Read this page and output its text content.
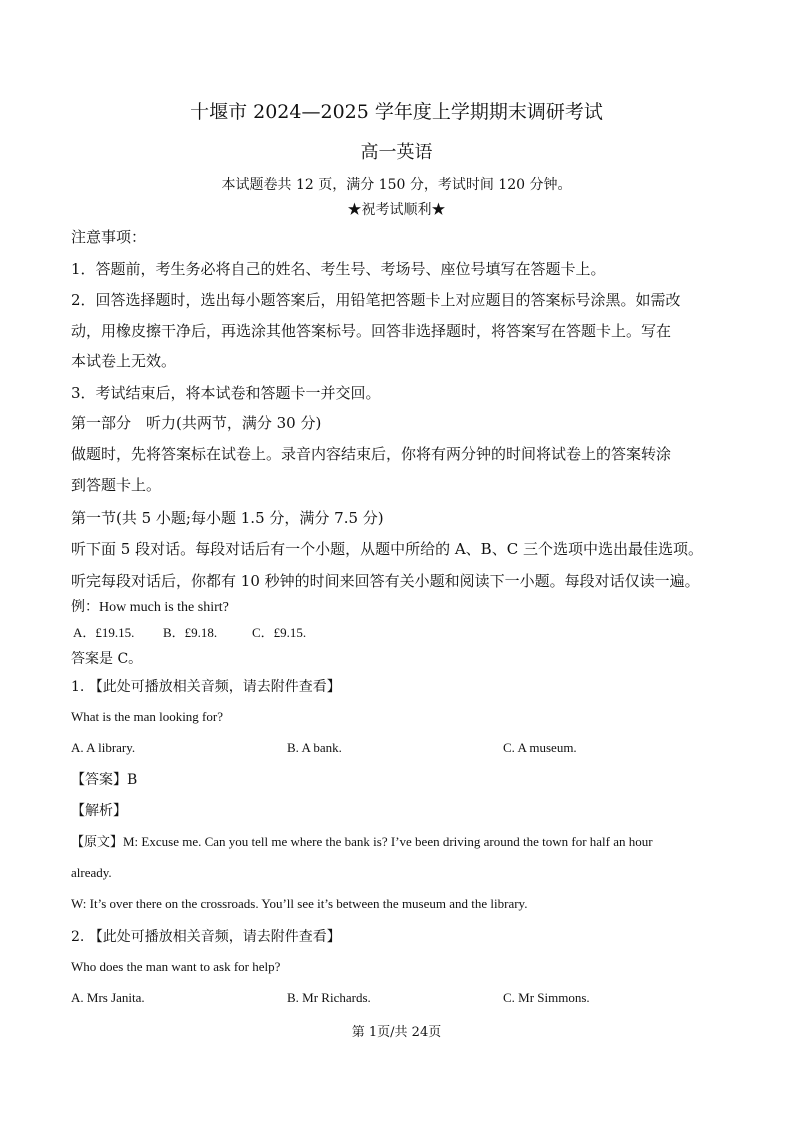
十堰市 2024—2025 学年度上学期期末调研考试
高一英语
本试题卷共 12 页，满分 150 分，考试时间 120 分钟。
★祝考试顺利★
注意事项：
1．答题前，考生务必将自己的姓名、考生号、考场号、座位号填写在答题卡上。
2．回答选择题时，选出每小题答案后，用铅笔把答题卡上对应题目的答案标号涂黑。如需改
动，用橡皮擦干净后，再选涂其他答案标号。回答非选择题时，将答案写在答题卡上。写在
本试卷上无效。
3．考试结束后，将本试卷和答题卡一并交回。
第一部分　听力(共两节，满分 30 分)
做题时，先将答案标在试卷上。录音内容结束后，你将有两分钟的时间将试卷上的答案转涂
到答题卡上。
第一节(共 5 小题;每小题 1.5 分，满分 7.5 分)
听下面 5 段对话。每段对话后有一个小题，从题中所给的 A、B、C 三个选项中选出最佳选项。
听完每段对话后，你都有 10 秒钟的时间来回答有关小题和阅读下一小题。每段对话仅读一遍。
例：How much is the shirt?
A．£19.15. B．£9.18.	C．£9.15.
答案是 C。
1. 【此处可播放相关音频，请去附件查看】
What is the man looking for?
A. A library.	B. A bank.	C. A museum.
【答案】B
【解析】
【原文】M: Excuse me. Can you tell me where the bank is? I’ve been driving around the town for half an hour
already.
W: It’s over there on the crossroads. You’ll see it’s between the museum and the library.
2. 【此处可播放相关音频，请去附件查看】
Who does the man want to ask for help?
A. Mrs Janita.	B. Mr Richards.	C. Mr Simmons.
第 1页/共 24页
